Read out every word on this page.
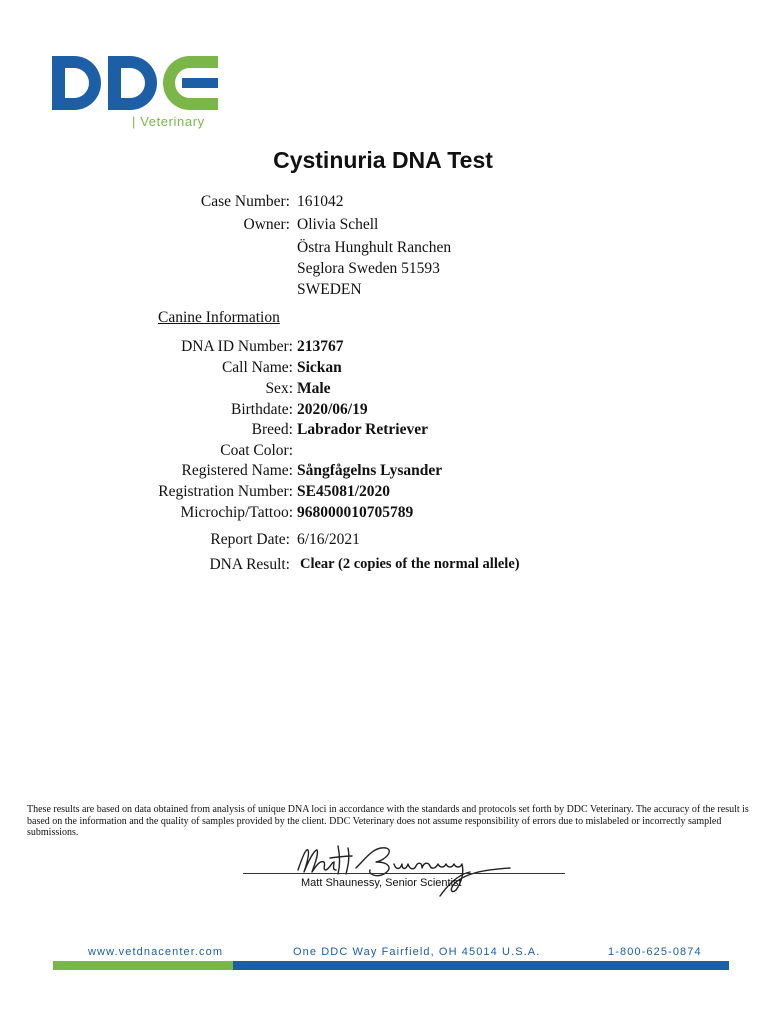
| Veterinary
Cystinuria DNA Test
Case Number: 161042
Owner: Olivia Schell
Östra Hunghult Ranchen
Seglora Sweden 51593
SWEDEN
Canine Information
DNA ID Number: 213767
Call Name: Sickan
Sex: Male
Birthdate: 2020/06/19
Breed: Labrador Retriever
Coat Color:
Registered Name: Sångfågelns Lysander
Registration Number: SE45081/2020
Microchip/Tattoo: 968000010705789
Report Date: 6/16/2021
DNA Result: Clear (2 copies of the normal allele)
These results are based on data obtained from analysis of unique DNA loci in accordance with the standards and protocols set forth by DDC Veterinary. The accuracy of the result is based on the information and the quality of samples provided by the client. DDC Veterinary does not assume responsibility of errors due to mislabeled or incorrectly sampled submissions.
Matt Shaunessy, Senior Scientist
www.vetdnacenter.com	One DDC Way Fairfield, OH 45014 U.S.A.	1-800-625-0874
